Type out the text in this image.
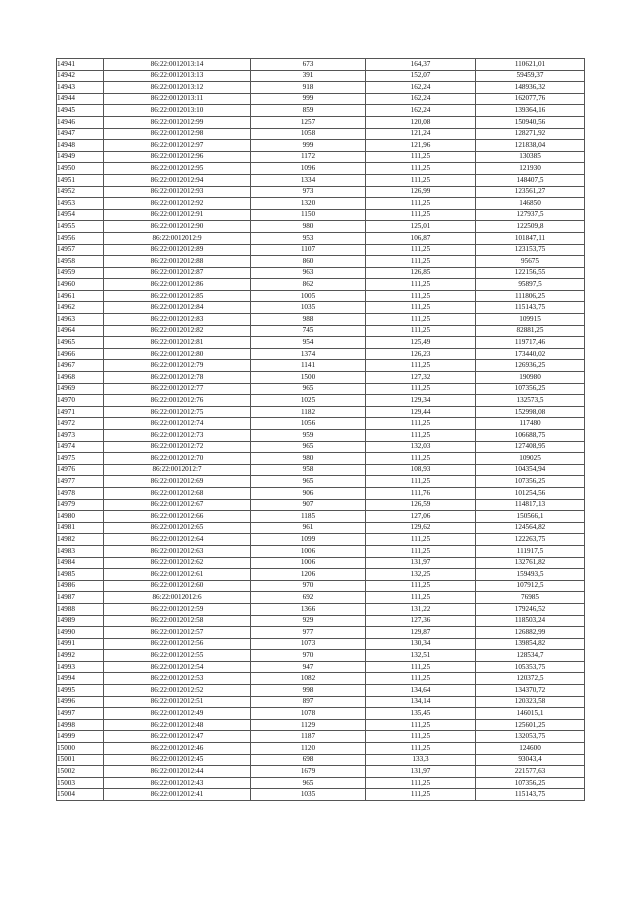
14941	86:22:0012013:14	673	164,37	110621,01
14942	86:22:0012013:13	391	152,07	59459,37
14943	86:22:0012013:12	918	162,24	148936,32
14944	86:22:0012013:11	999	162,24	162077,76
14945	86:22:0012013:10	859	162,24	139364,16
14946	86:22:0012012:99	1257	120,08	150940,56
14947	86:22:0012012:98	1058	121,24	128271,92
14948	86:22:0012012:97	999	121,96	121838,04
14949	86:22:0012012:96	1172	111,25	130385
14950	86:22:0012012:95	1096	111,25	121930
14951	86:22:0012012:94	1334	111,25	148407,5
14952	86:22:0012012:93	973	126,99	123561,27
14953	86:22:0012012:92	1320	111,25	146850
14954	86:22:0012012:91	1150	111,25	127937,5
14955	86:22:0012012:90	980	125,01	122509,8
14956	86:22:0012012:9	953	106,87	101847,11
14957	86:22:0012012:89	1107	111,25	123153,75
14958	86:22:0012012:88	860	111,25	95675
14959	86:22:0012012:87	963	126,85	122156,55
14960	86:22:0012012:86	862	111,25	95897,5
14961	86:22:0012012:85	1005	111,25	111806,25
14962	86:22:0012012:84	1035	111,25	115143,75
14963	86:22:0012012:83	988	111,25	109915
14964	86:22:0012012:82	745	111,25	82881,25
14965	86:22:0012012:81	954	125,49	119717,46
14966	86:22:0012012:80	1374	126,23	173440,02
14967	86:22:0012012:79	1141	111,25	126936,25
14968	86:22:0012012:78	1500	127,32	190980
14969	86:22:0012012:77	965	111,25	107356,25
14970	86:22:0012012:76	1025	129,34	132573,5
14971	86:22:0012012:75	1182	129,44	152998,08
14972	86:22:0012012:74	1056	111,25	117480
14973	86:22:0012012:73	959	111,25	106688,75
14974	86:22:0012012:72	965	132,03	127408,95
14975	86:22:0012012:70	980	111,25	109025
14976	86:22:0012012:7	958	108,93	104354,94
14977	86:22:0012012:69	965	111,25	107356,25
14978	86:22:0012012:68	906	111,76	101254,56
14979	86:22:0012012:67	907	126,59	114817,13
14980	86:22:0012012:66	1185	127,06	150566,1
14981	86:22:0012012:65	961	129,62	124564,82
14982	86:22:0012012:64	1099	111,25	122263,75
14983	86:22:0012012:63	1006	111,25	111917,5
14984	86:22:0012012:62	1006	131,97	132761,82
14985	86:22:0012012:61	1206	132,25	159493,5
14986	86:22:0012012:60	970	111,25	107912,5
14987	86:22:0012012:6	692	111,25	76985
14988	86:22:0012012:59	1366	131,22	179246,52
14989	86:22:0012012:58	929	127,36	118503,24
14990	86:22:0012012:57	977	129,87	126882,99
14991	86:22:0012012:56	1073	130,34	139854,82
14992	86:22:0012012:55	970	132,51	128534,7
14993	86:22:0012012:54	947	111,25	105353,75
14994	86:22:0012012:53	1082	111,25	120372,5
14995	86:22:0012012:52	998	134,64	134370,72
14996	86:22:0012012:51	897	134,14	120323,58
14997	86:22:0012012:49	1078	135,45	146015,1
14998	86:22:0012012:48	1129	111,25	125601,25
14999	86:22:0012012:47	1187	111,25	132053,75
15000	86:22:0012012:46	1120	111,25	124600
15001	86:22:0012012:45	698	133,3	93043,4
15002	86:22:0012012:44	1679	131,97	221577,63
15003	86:22:0012012:43	965	111,25	107356,25
15004	86:22:0012012:41	1035	111,25	115143,75
